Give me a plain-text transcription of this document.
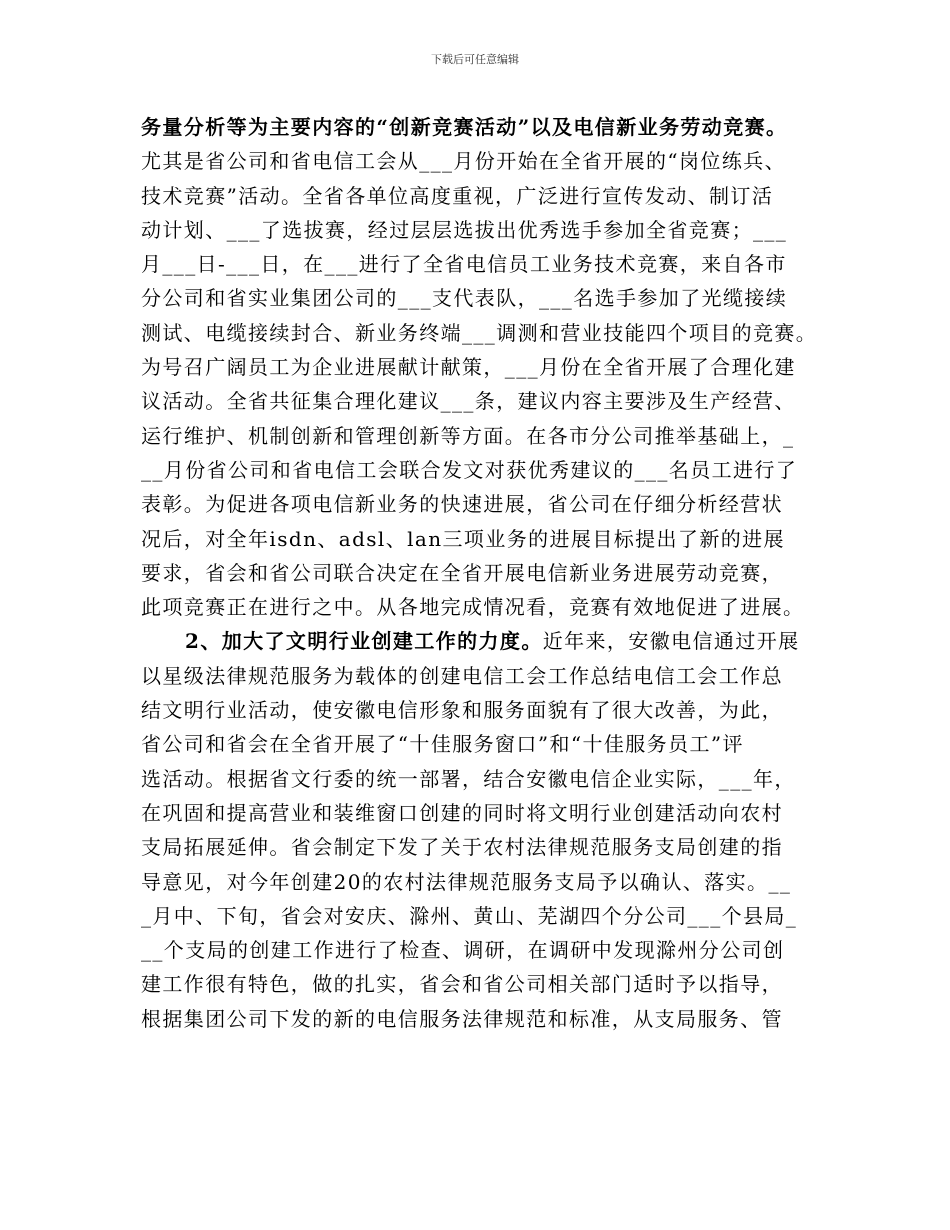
下载后可任意编辑
务量分析等为主要内容的“创新竞赛活动”以及电信新业务劳动竞赛。
尤其是省公司和省电信工会从___月份开始在全省开展的“岗位练兵、
技术竞赛”活动。全省各单位高度重视，广泛进行宣传发动、制订活
动计划、___了选拔赛，经过层层选拔出优秀选手参加全省竞赛；___
月___日-___日，在___进行了全省电信员工业务技术竞赛，来自各市
分公司和省实业集团公司的___支代表队，___名选手参加了光缆接续
测试、电缆接续封合、新业务终端___调测和营业技能四个项目的竞赛。
为号召广阔员工为企业进展献计献策，___月份在全省开展了合理化建
议活动。全省共征集合理化建议___条，建议内容主要涉及生产经营、
运行维护、机制创新和管理创新等方面。在各市分公司推举基础上，_
__月份省公司和省电信工会联合发文对获优秀建议的___名员工进行了
表彰。为促进各项电信新业务的快速进展，省公司在仔细分析经营状
况后，对全年isdn、adsl、lan三项业务的进展目标提出了新的进展
要求，省会和省公司联合决定在全省开展电信新业务进展劳动竞赛，
此项竞赛正在进行之中。从各地完成情况看，竞赛有效地促进了进展。
2、加大了文明行业创建工作的力度。近年来，安徽电信通过开展
以星级法律规范服务为载体的创建电信工会工作总结电信工会工作总
结文明行业活动，使安徽电信形象和服务面貌有了很大改善，为此，
省公司和省会在全省开展了“十佳服务窗口”和“十佳服务员工”评
选活动。根据省文行委的统一部署，结合安徽电信企业实际，___年，
在巩固和提高营业和装维窗口创建的同时将文明行业创建活动向农村
支局拓展延伸。省会制定下发了关于农村法律规范服务支局创建的指
导意见，对今年创建20的农村法律规范服务支局予以确认、落实。__
_月中、下旬，省会对安庆、滁州、黄山、芜湖四个分公司___个县局_
__个支局的创建工作进行了检查、调研，在调研中发现滁州分公司创
建工作很有特色，做的扎实，省会和省公司相关部门适时予以指导，
根据集团公司下发的新的电信服务法律规范和标准，从支局服务、管
